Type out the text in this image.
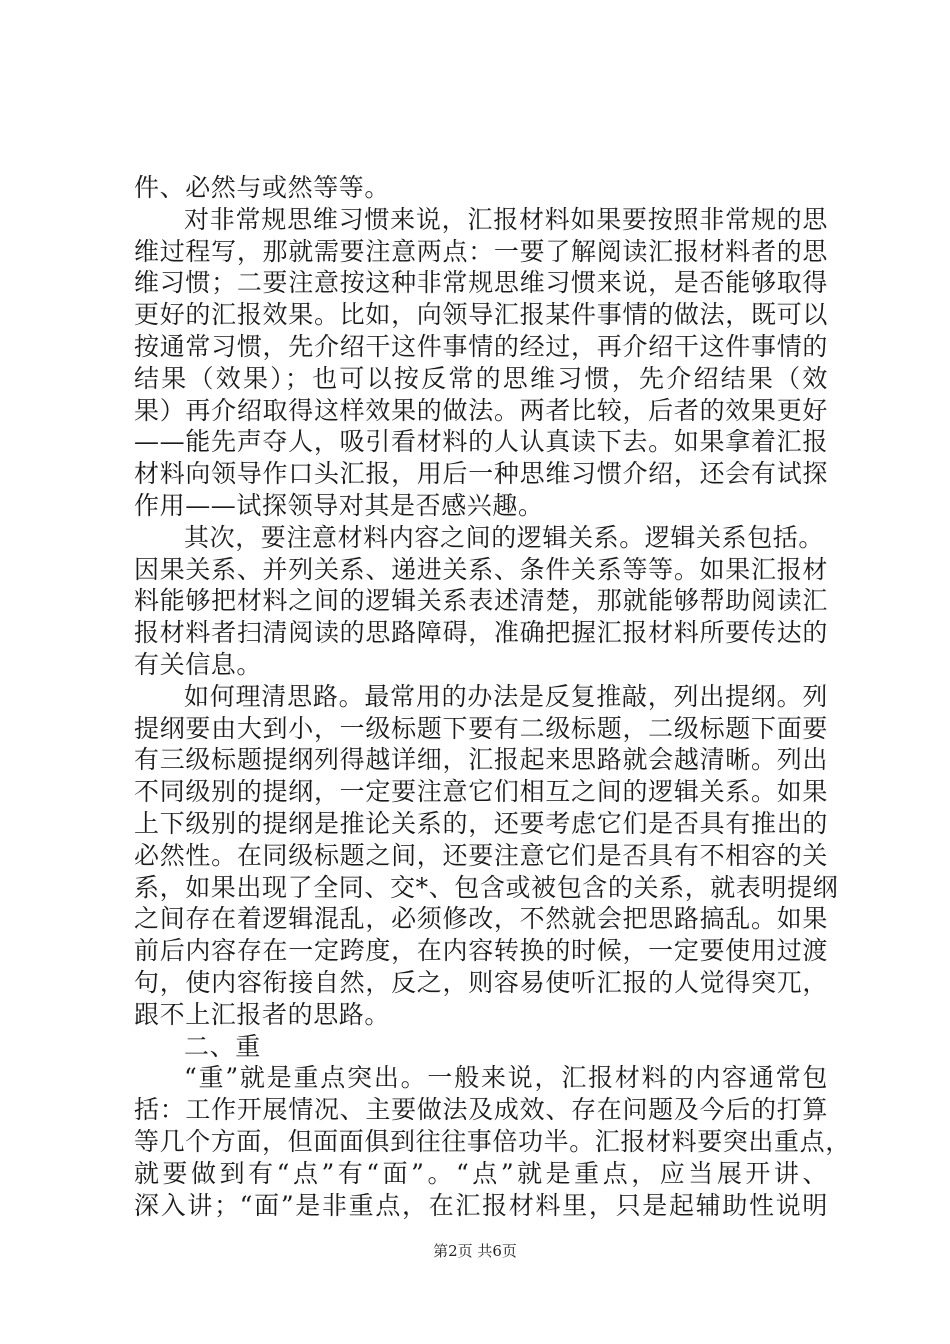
件、必然与或然等等。
对非常规思维习惯来说，汇报材料如果要按照非常规的思
维过程写，那就需要注意两点：一要了解阅读汇报材料者的思
维习惯；二要注意按这种非常规思维习惯来说，是否能够取得
更好的汇报效果。比如，向领导汇报某件事情的做法，既可以
按通常习惯，先介绍干这件事情的经过，再介绍干这件事情的
结果（效果）；也可以按反常的思维习惯，先介绍结果（效
果）再介绍取得这样效果的做法。两者比较，后者的效果更好
——能先声夺人，吸引看材料的人认真读下去。如果拿着汇报
材料向领导作口头汇报，用后一种思维习惯介绍，还会有试探
作用——试探领导对其是否感兴趣。
其次，要注意材料内容之间的逻辑关系。逻辑关系包括。
因果关系、并列关系、递进关系、条件关系等等。如果汇报材
料能够把材料之间的逻辑关系表述清楚，那就能够帮助阅读汇
报材料者扫清阅读的思路障碍，准确把握汇报材料所要传达的
有关信息。
如何理清思路。最常用的办法是反复推敲，列出提纲。列
提纲要由大到小，一级标题下要有二级标题，二级标题下面要
有三级标题提纲列得越详细，汇报起来思路就会越清晰。列出
不同级别的提纲，一定要注意它们相互之间的逻辑关系。如果
上下级别的提纲是推论关系的，还要考虑它们是否具有推出的
必然性。在同级标题之间，还要注意它们是否具有不相容的关
系，如果出现了全同、交*、包含或被包含的关系，就表明提纲
之间存在着逻辑混乱，必须修改，不然就会把思路搞乱。如果
前后内容存在一定跨度，在内容转换的时候，一定要使用过渡
句，使内容衔接自然，反之，则容易使听汇报的人觉得突兀，
跟不上汇报者的思路。
二、重
“重”就是重点突出。一般来说，汇报材料的内容通常包
括：工作开展情况、主要做法及成效、存在问题及今后的打算
等几个方面，但面面俱到往往事倍功半。汇报材料要突出重点，
就要做到有“点”有“面”。“点”就是重点，应当展开讲、
深入讲；“面”是非重点，在汇报材料里，只是起辅助性说明
第2页 共6页
